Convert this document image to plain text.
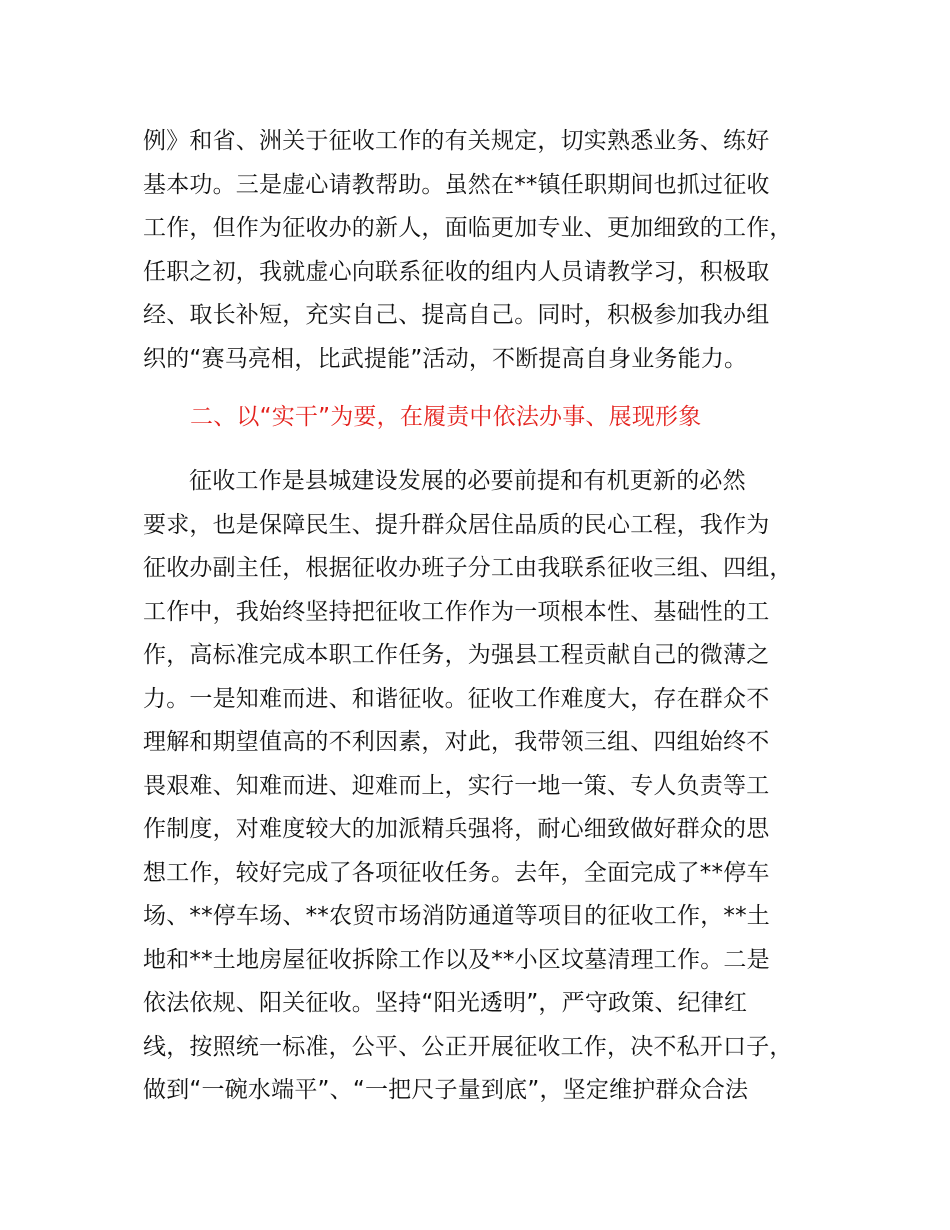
例》和省、洲关于征收工作的有关规定，切实熟悉业务、练好
基本功。三是虚心请教帮助。虽然在**镇任职期间也抓过征收
工作，但作为征收办的新人，面临更加专业、更加细致的工作，
任职之初，我就虚心向联系征收的组内人员请教学习，积极取
经、取长补短，充实自己、提高自己。同时，积极参加我办组
织的“赛马亮相，比武提能”活动，不断提高自身业务能力。
二、以“实干”为要，在履责中依法办事、展现形象
征收工作是县城建设发展的必要前提和有机更新的必然
要求，也是保障民生、提升群众居住品质的民心工程，我作为
征收办副主任，根据征收办班子分工由我联系征收三组、四组，
工作中，我始终坚持把征收工作作为一项根本性、基础性的工
作，高标准完成本职工作任务，为强县工程贡献自己的微薄之
力。一是知难而进、和谐征收。征收工作难度大，存在群众不
理解和期望值高的不利因素，对此，我带领三组、四组始终不
畏艰难、知难而进、迎难而上，实行一地一策、专人负责等工
作制度，对难度较大的加派精兵强将，耐心细致做好群众的思
想工作，较好完成了各项征收任务。去年，全面完成了**停车
场、**停车场、**农贸市场消防通道等项目的征收工作，**土
地和**土地房屋征收拆除工作以及**小区坟墓清理工作。二是
依法依规、阳关征收。坚持“阳光透明”，严守政策、纪律红
线，按照统一标准，公平、公正开展征收工作，决不私开口子，
做到“一碗水端平”、“一把尺子量到底”，坚定维护群众合法
